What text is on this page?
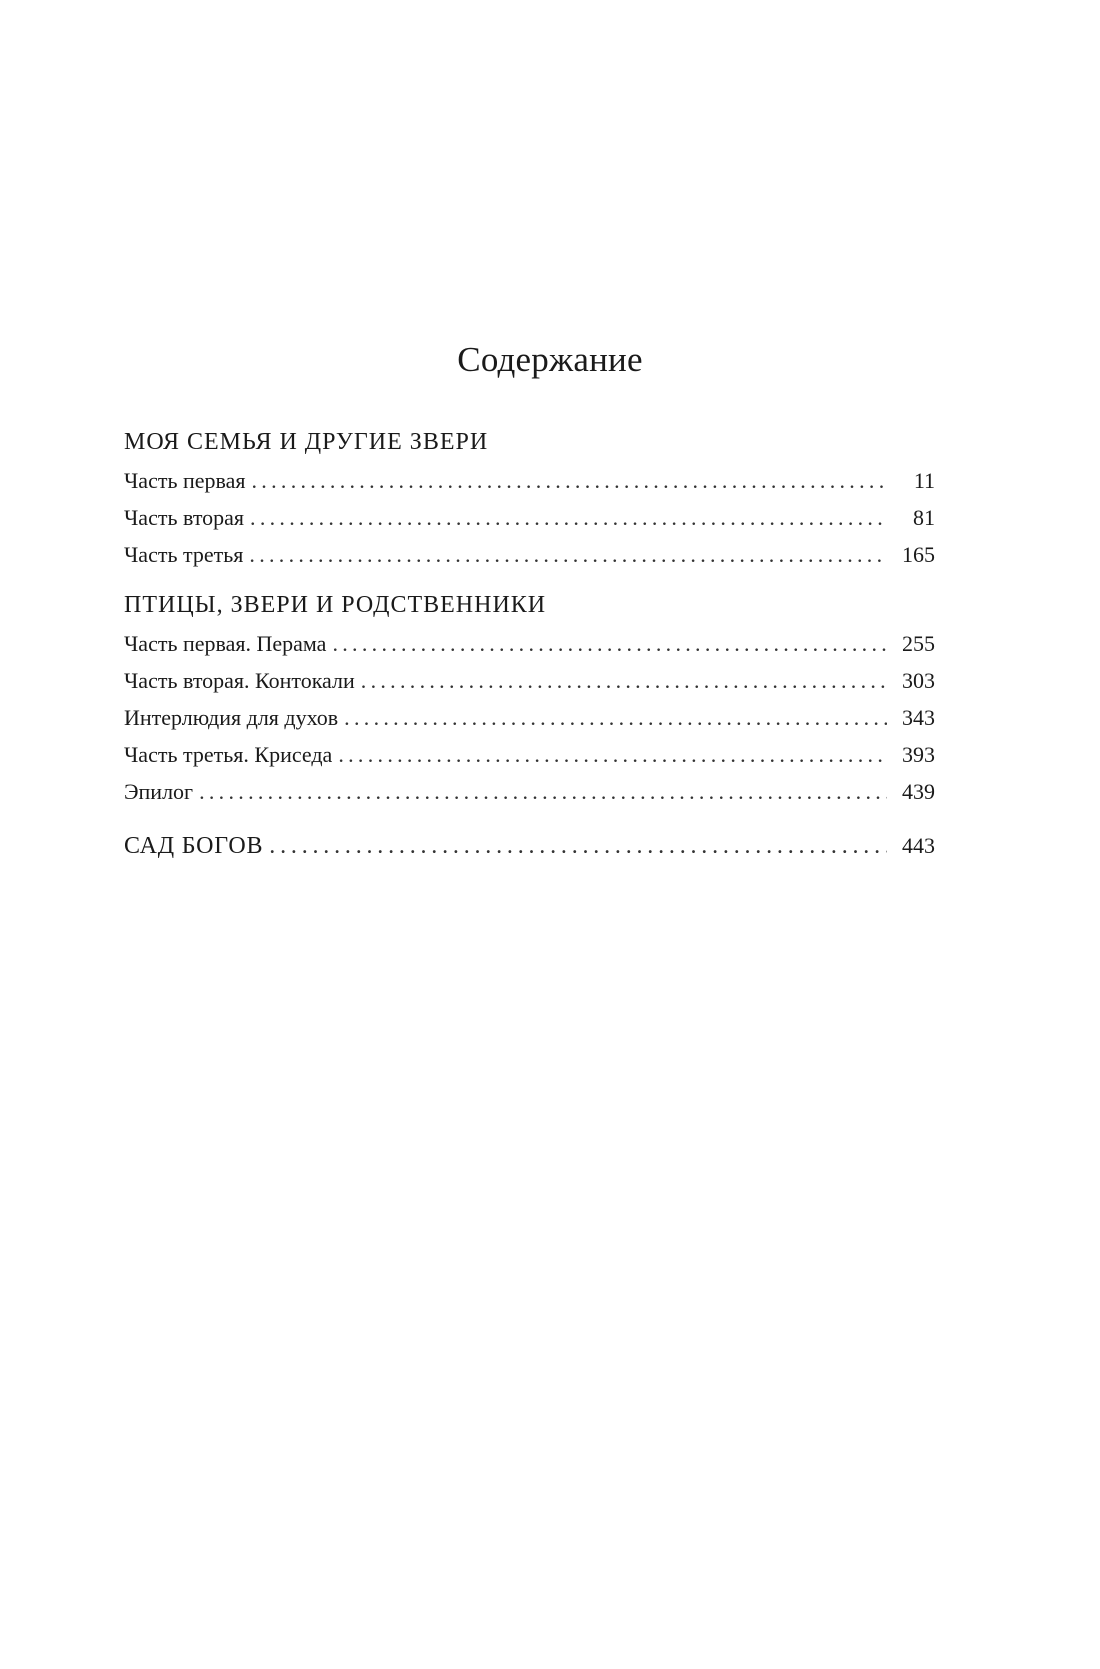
Содержание
МОЯ СЕМЬЯ И ДРУГИЕ ЗВЕРИ
Часть первая . . .	11
Часть вторая . . .	81
Часть третья . . .	165
ПТИЦЫ, ЗВЕРИ И РОДСТВЕННИКИ
Часть первая. Перама . . .	255
Часть вторая. Контокали . . .	303
Интерлюдия для духов . . .	343
Часть третья. Криседа . . .	393
Эпилог . . .	439
САД БОГОВ . . .	443
